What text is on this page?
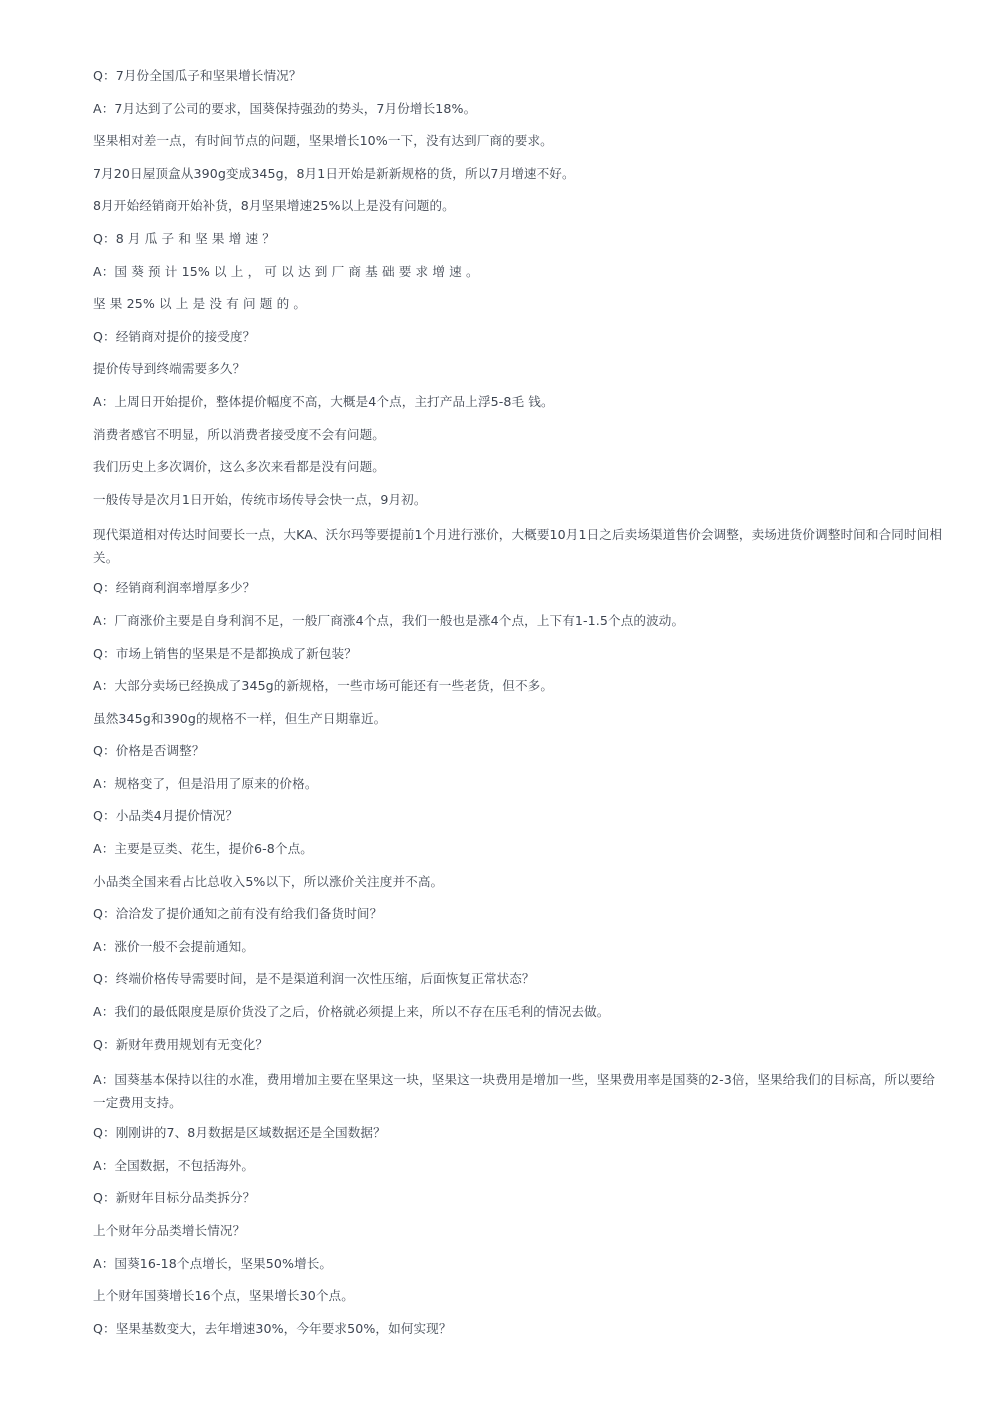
Q：7月份全国瓜子和坚果增长情况？

A：7月达到了公司的要求，国葵保持强劲的势头，7月份增长18%。

坚果相对差一点，有时间节点的问题，坚果增长10%一下，没有达到厂商的要求。

7月20日屋顶盒从390g变成345g，8月1日开始是新新规格的货，所以7月增速不好。

8月开始经销商开始补货，8月坚果增速25%以上是没有问题的。

Q：8 月 瓜 子 和 坚 果 增 速 ？

A：国 葵 预 计 15% 以 上 ， 可 以 达 到 厂 商 基 础 要 求 增 速 。

坚 果 25% 以 上 是 没 有 问 题 的 。

Q：经销商对提价的接受度？

提价传导到终端需要多久？

A：上周日开始提价，整体提价幅度不高，大概是4个点，主打产品上浮5-8毛 钱。

消费者感官不明显，所以消费者接受度不会有问题。

我们历史上多次调价，这么多次来看都是没有问题。

一般传导是次月1日开始，传统市场传导会快一点，9月初。

现代渠道相对传达时间要长一点，大KA、沃尔玛等要提前1个月进行涨价，大概要10月1日之后卖场渠道售价会调整，卖场进货价调整时间和合同时间相关。

Q：经销商利润率增厚多少？

A：厂商涨价主要是自身利润不足，一般厂商涨4个点，我们一般也是涨4个点，上下有1-1.5个点的波动。

Q：市场上销售的坚果是不是都换成了新包装？

A：大部分卖场已经换成了345g的新规格，一些市场可能还有一些老货，但不多。

虽然345g和390g的规格不一样，但生产日期靠近。

Q：价格是否调整？

A：规格变了，但是沿用了原来的价格。

Q：小品类4月提价情况？

A：主要是豆类、花生，提价6-8个点。

小品类全国来看占比总收入5%以下，所以涨价关注度并不高。

Q：洽洽发了提价通知之前有没有给我们备货时间？

A：涨价一般不会提前通知。

Q：终端价格传导需要时间，是不是渠道利润一次性压缩，后面恢复正常状态？

A：我们的最低限度是原价货没了之后，价格就必须提上来，所以不存在压毛利的情况去做。

Q：新财年费用规划有无变化？

A：国葵基本保持以往的水准，费用增加主要在坚果这一块，坚果这一块费用是增加一些，坚果费用率是国葵的2-3倍，坚果给我们的目标高，所以要给一定费用支持。

Q：刚刚讲的7、8月数据是区域数据还是全国数据？

A：全国数据，不包括海外。

Q：新财年目标分品类拆分？

上个财年分品类增长情况？

A：国葵16-18个点增长，坚果50%增长。

上个财年国葵增长16个点，坚果增长30个点。

Q：坚果基数变大，去年增速30%，今年要求50%，如何实现？
